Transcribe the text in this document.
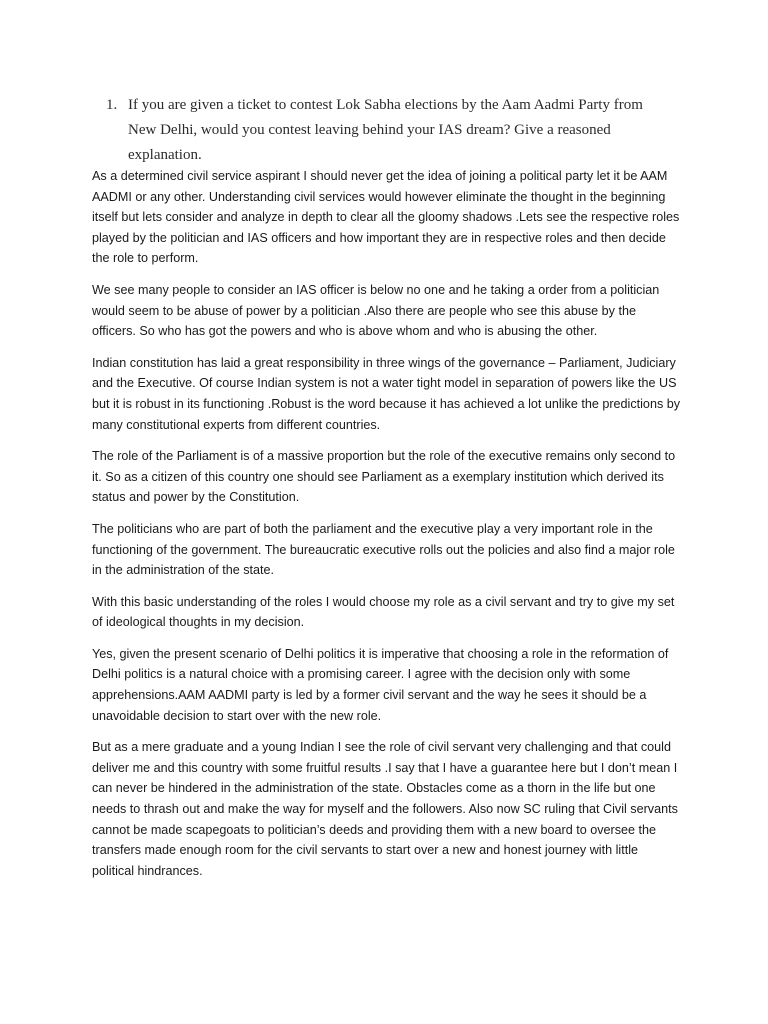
1. If you are given a ticket to contest Lok Sabha elections by the Aam Aadmi Party from New Delhi, would you contest leaving behind your IAS dream? Give a reasoned explanation.

As a determined civil service aspirant I should never get the idea of joining a political party let it be AAM AADMI or any other. Understanding civil services would however eliminate the thought in the beginning itself but lets consider and analyze in depth to clear all the gloomy shadows .Lets see the respective roles played by the politician and IAS officers and how important they are in respective roles and then decide the role to perform.

We see many people to consider an IAS officer is below no one and he taking a order from a politician would seem to be abuse of power by a politician .Also there are people who see this abuse by the officers. So who has got the powers and who is above whom and who is abusing the other.

Indian constitution has laid a great responsibility in three wings of the governance – Parliament, Judiciary and the Executive. Of course Indian system is not a water tight model in separation of powers like the US but it is robust in its functioning .Robust is the word because it has achieved a lot unlike the predictions by many constitutional experts from different countries.

The role of the Parliament is of a massive proportion but the role of the executive remains only second to it. So as a citizen of this country one should see Parliament as a exemplary institution which derived its status and power by the Constitution.

The politicians who are part of both the parliament and the executive play a very important role in the functioning of the government. The bureaucratic executive rolls out the policies and also find a major role in the administration of the state.

With this basic understanding of the roles I would choose my role as a civil servant and try to give my set of ideological thoughts in my decision.

Yes, given the present scenario of Delhi politics it is imperative that choosing a role in the reformation of Delhi politics is a natural choice with a promising career. I agree with the decision only with some apprehensions.AAM AADMI party is led by a former civil servant and the way he sees it should be a unavoidable decision to start over with the new role.

But as a mere graduate and a young Indian I see the role of civil servant very challenging and that could deliver me and this country with some fruitful results .I say that I have a guarantee here but I don’t mean I can never be hindered in the administration of the state. Obstacles come as a thorn in the life but one needs to thrash out and make the way for myself and the followers. Also now SC ruling that Civil servants cannot be made scapegoats to politician’s deeds and providing them with a new board to oversee the transfers made enough room for the civil servants to start over a new and honest journey with little political hindrances.
